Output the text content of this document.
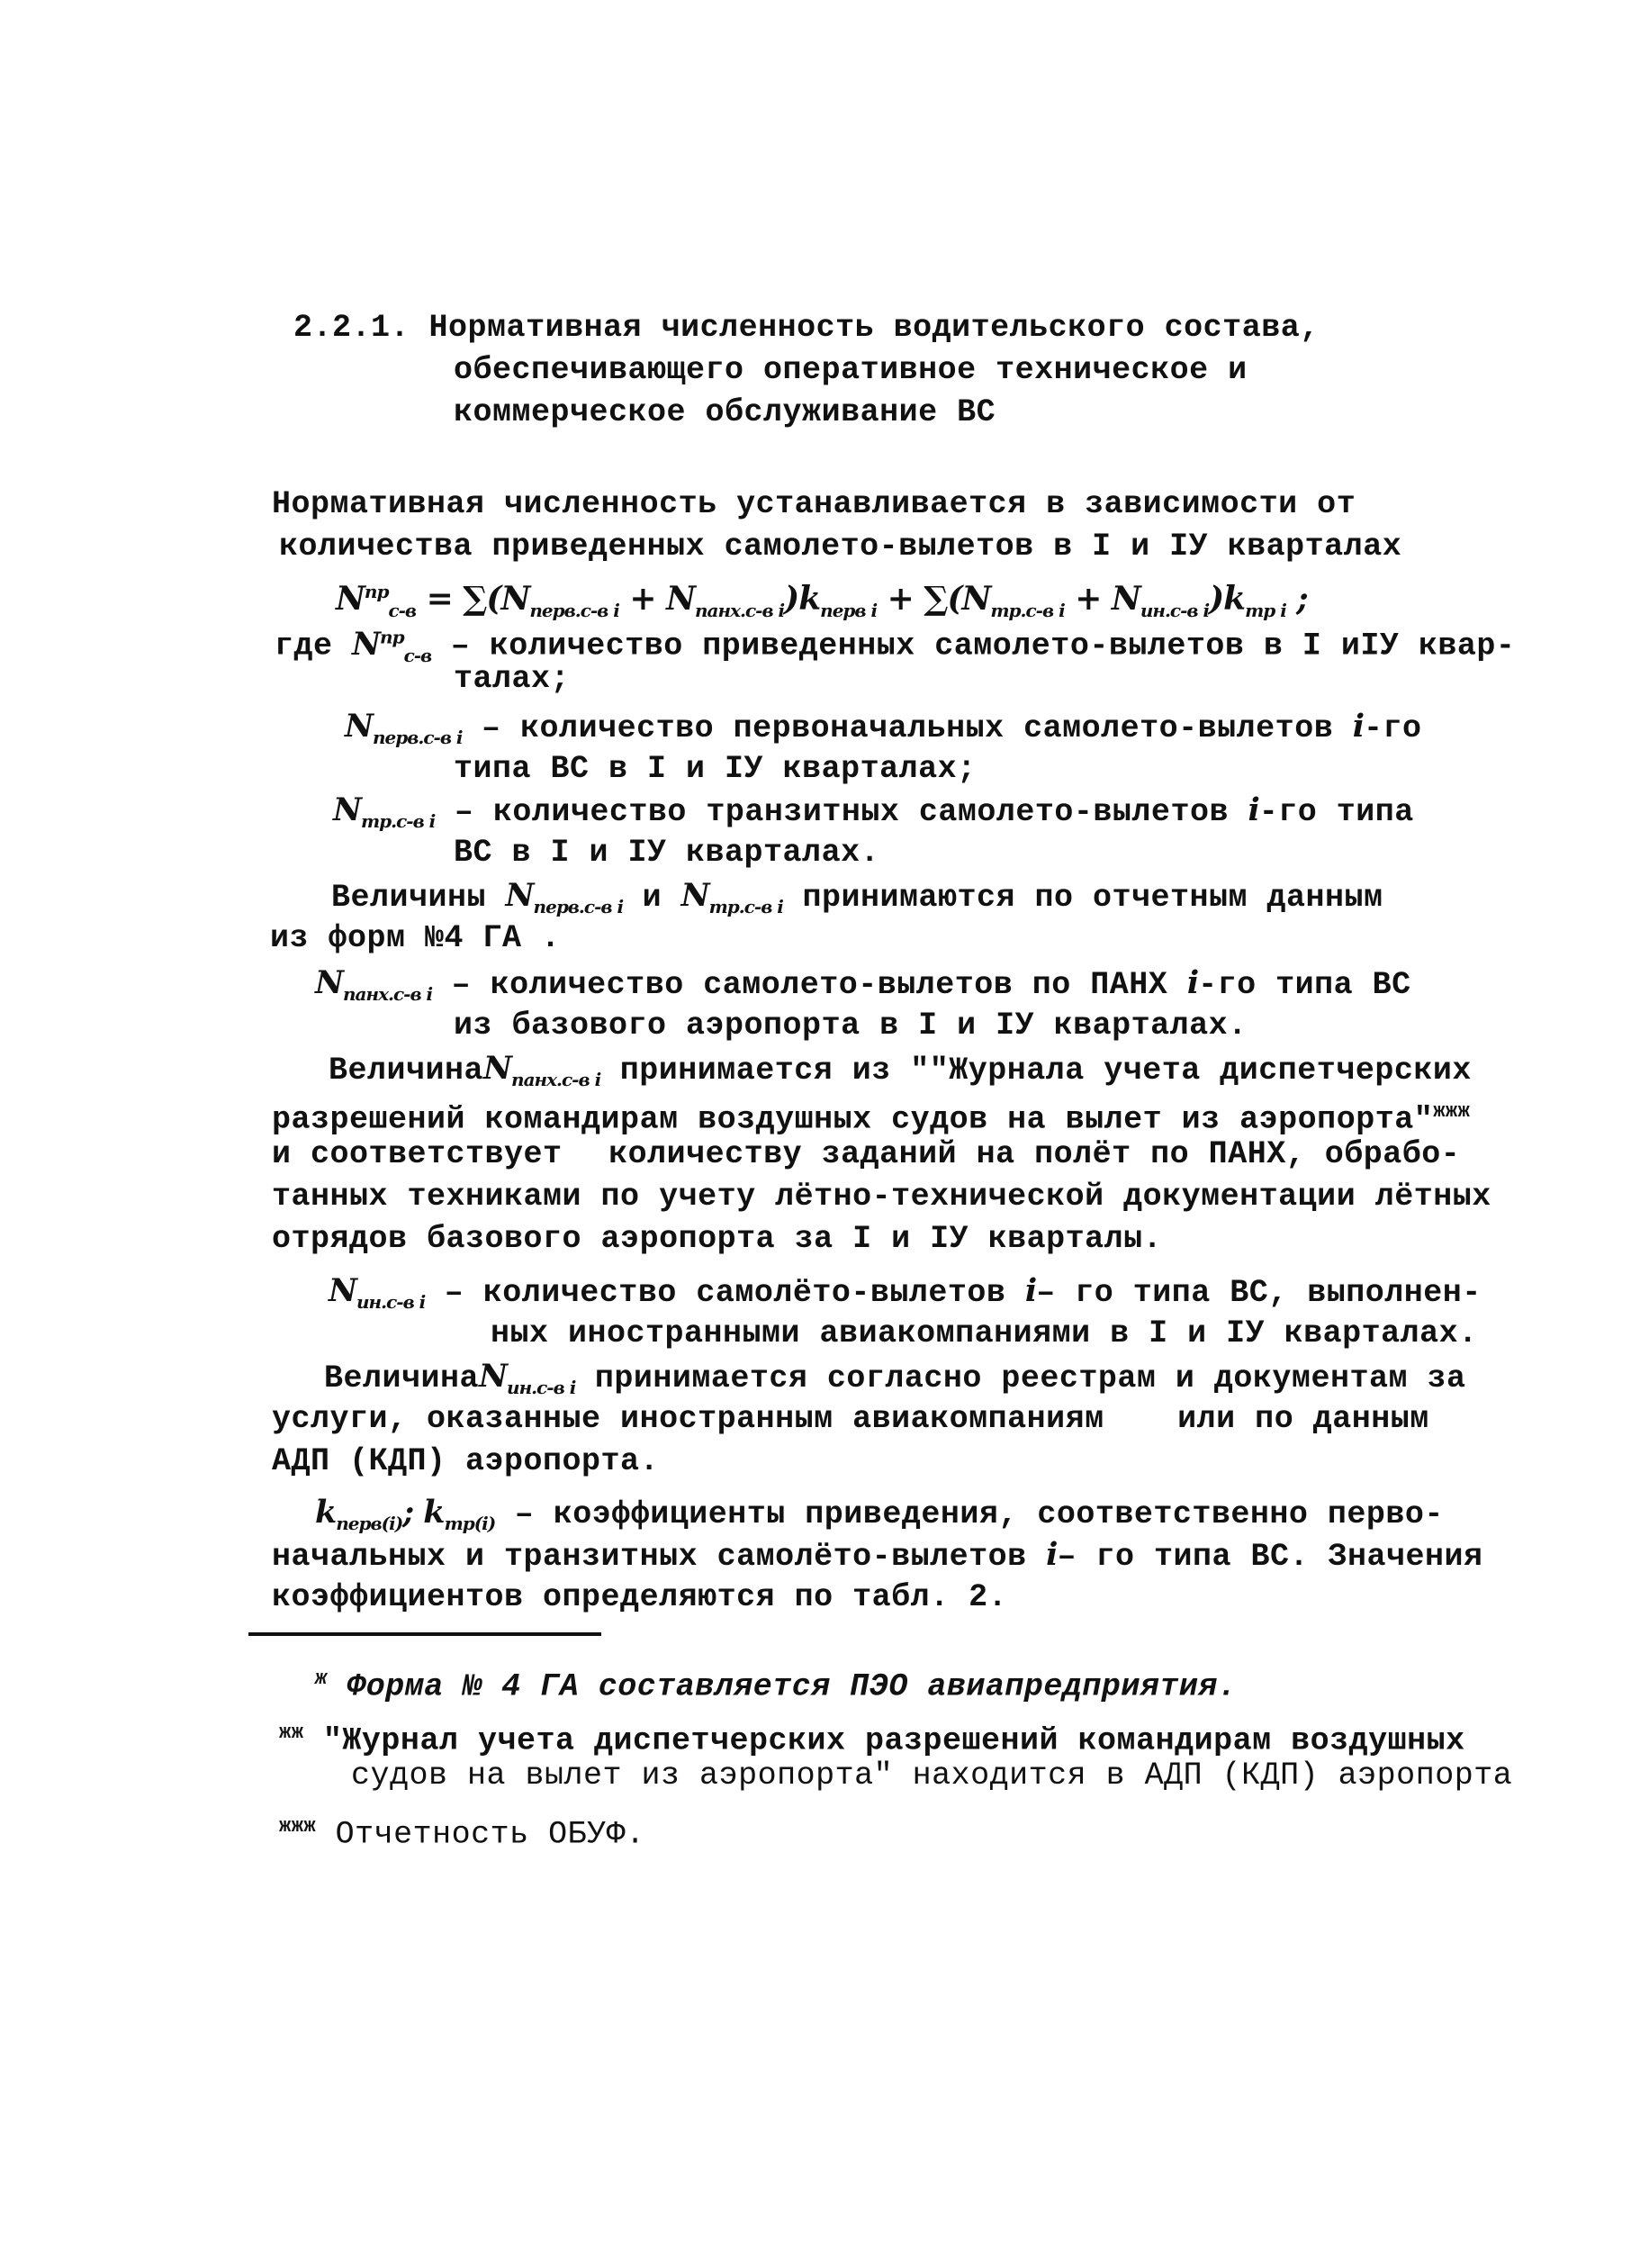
2.2.1. Нормативная численность водительского состава,
обеспечивающего оперативное техническое и
коммерческое обслуживание ВС
Нормативная численность устанавливается в зависимости от
количества приведенных самолето-вылетов в I и IУ кварталах
$N^{пр}_{с-в} = \sum(N_{перв.с-в i} + N_{панх.с-в i})k_{перв i} + \sum(N_{тр.с-в i} + N_{ин.с-в i})k_{тр i}$ ;
где $N^{пр}_{с-в}$ – количество приведенных самолето-вылетов в I иIУ квар-
талах;
$N_{перв.с-в i}$ – количество первоначальных самолето-вылетов i-го
типа ВС в I и IУ кварталах;
$N_{тр.с-в i}$ – количество транзитных самолето-вылетов i-го типа
ВС в I и IУ кварталах.
Величины $N_{перв.с-в i}$ и $N_{тр.с-в i}$ принимаются по отчетным данным
из форм №4 ГА .
$N_{панх.с-в i}$ – количество самолето-вылетов по ПАНХ i-го типа ВС
из базового аэропорта в I и IУ кварталах.
ВеличинаN$_{панх.с-в i}$ принимается из ""Журнала учета диспетчерских
разрешений командирам воздушных судов на вылет из аэропорта"$^{жжж}$
и соответствует количеству заданий на полёт по ПАНХ, обрабо-
танных техниками по учету лётно-технической документации лётных
отрядов базового аэропорта за I и IУ кварталы.
$N_{ин.с-в i}$ – количество самолёто-вылетов i– го типа ВС, выполнен-
ных иностранными авиакомпаниями в I и IУ кварталах.
ВеличинаN$_{ин.с-в i}$ принимается согласно реестрам и документам за
услуги, оказанные иностранным авиакомпаниям или по данным
АДП (КДП) аэропорта.
$k_{перв(i)}$; $k_{тр(i)}$ – коэффициенты приведения, соответственно перво-
начальных и транзитных самолёто-вылетов i– го типа ВС. Значения
коэффициентов определяются по табл. 2.
$^ж$ Форма № 4 ГА составляется ПЭО авиапредприятия.
$^{жж}$ "Журнал учета диспетчерских разрешений командирам воздушных
судов на вылет из аэропорта" находится в АДП (КДП) аэропорта
$^{жжж}$ Отчетность ОБУФ.
